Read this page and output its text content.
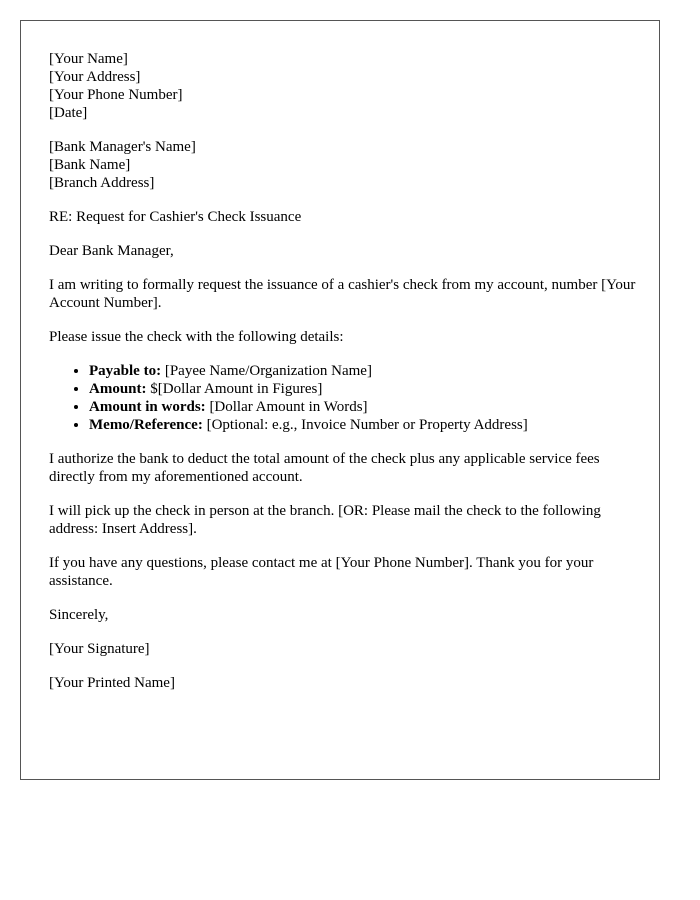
[Your Name]
[Your Address]
[Your Phone Number]
[Date]
[Bank Manager's Name]
[Bank Name]
[Branch Address]

RE: Request for Cashier's Check Issuance

Dear Bank Manager,

I am writing to formally request the issuance of a cashier's check from my account, number [Your Account Number].

Please issue the check with the following details:

• Payable to: [Payee Name/Organization Name]
• Amount: $[Dollar Amount in Figures]
• Amount in words: [Dollar Amount in Words]
• Memo/Reference: [Optional: e.g., Invoice Number or Property Address]

I authorize the bank to deduct the total amount of the check plus any applicable service fees directly from my aforementioned account.

I will pick up the check in person at the branch. [OR: Please mail the check to the following address: Insert Address].

If you have any questions, please contact me at [Your Phone Number]. Thank you for your assistance.

Sincerely,

[Your Signature]

[Your Printed Name]
